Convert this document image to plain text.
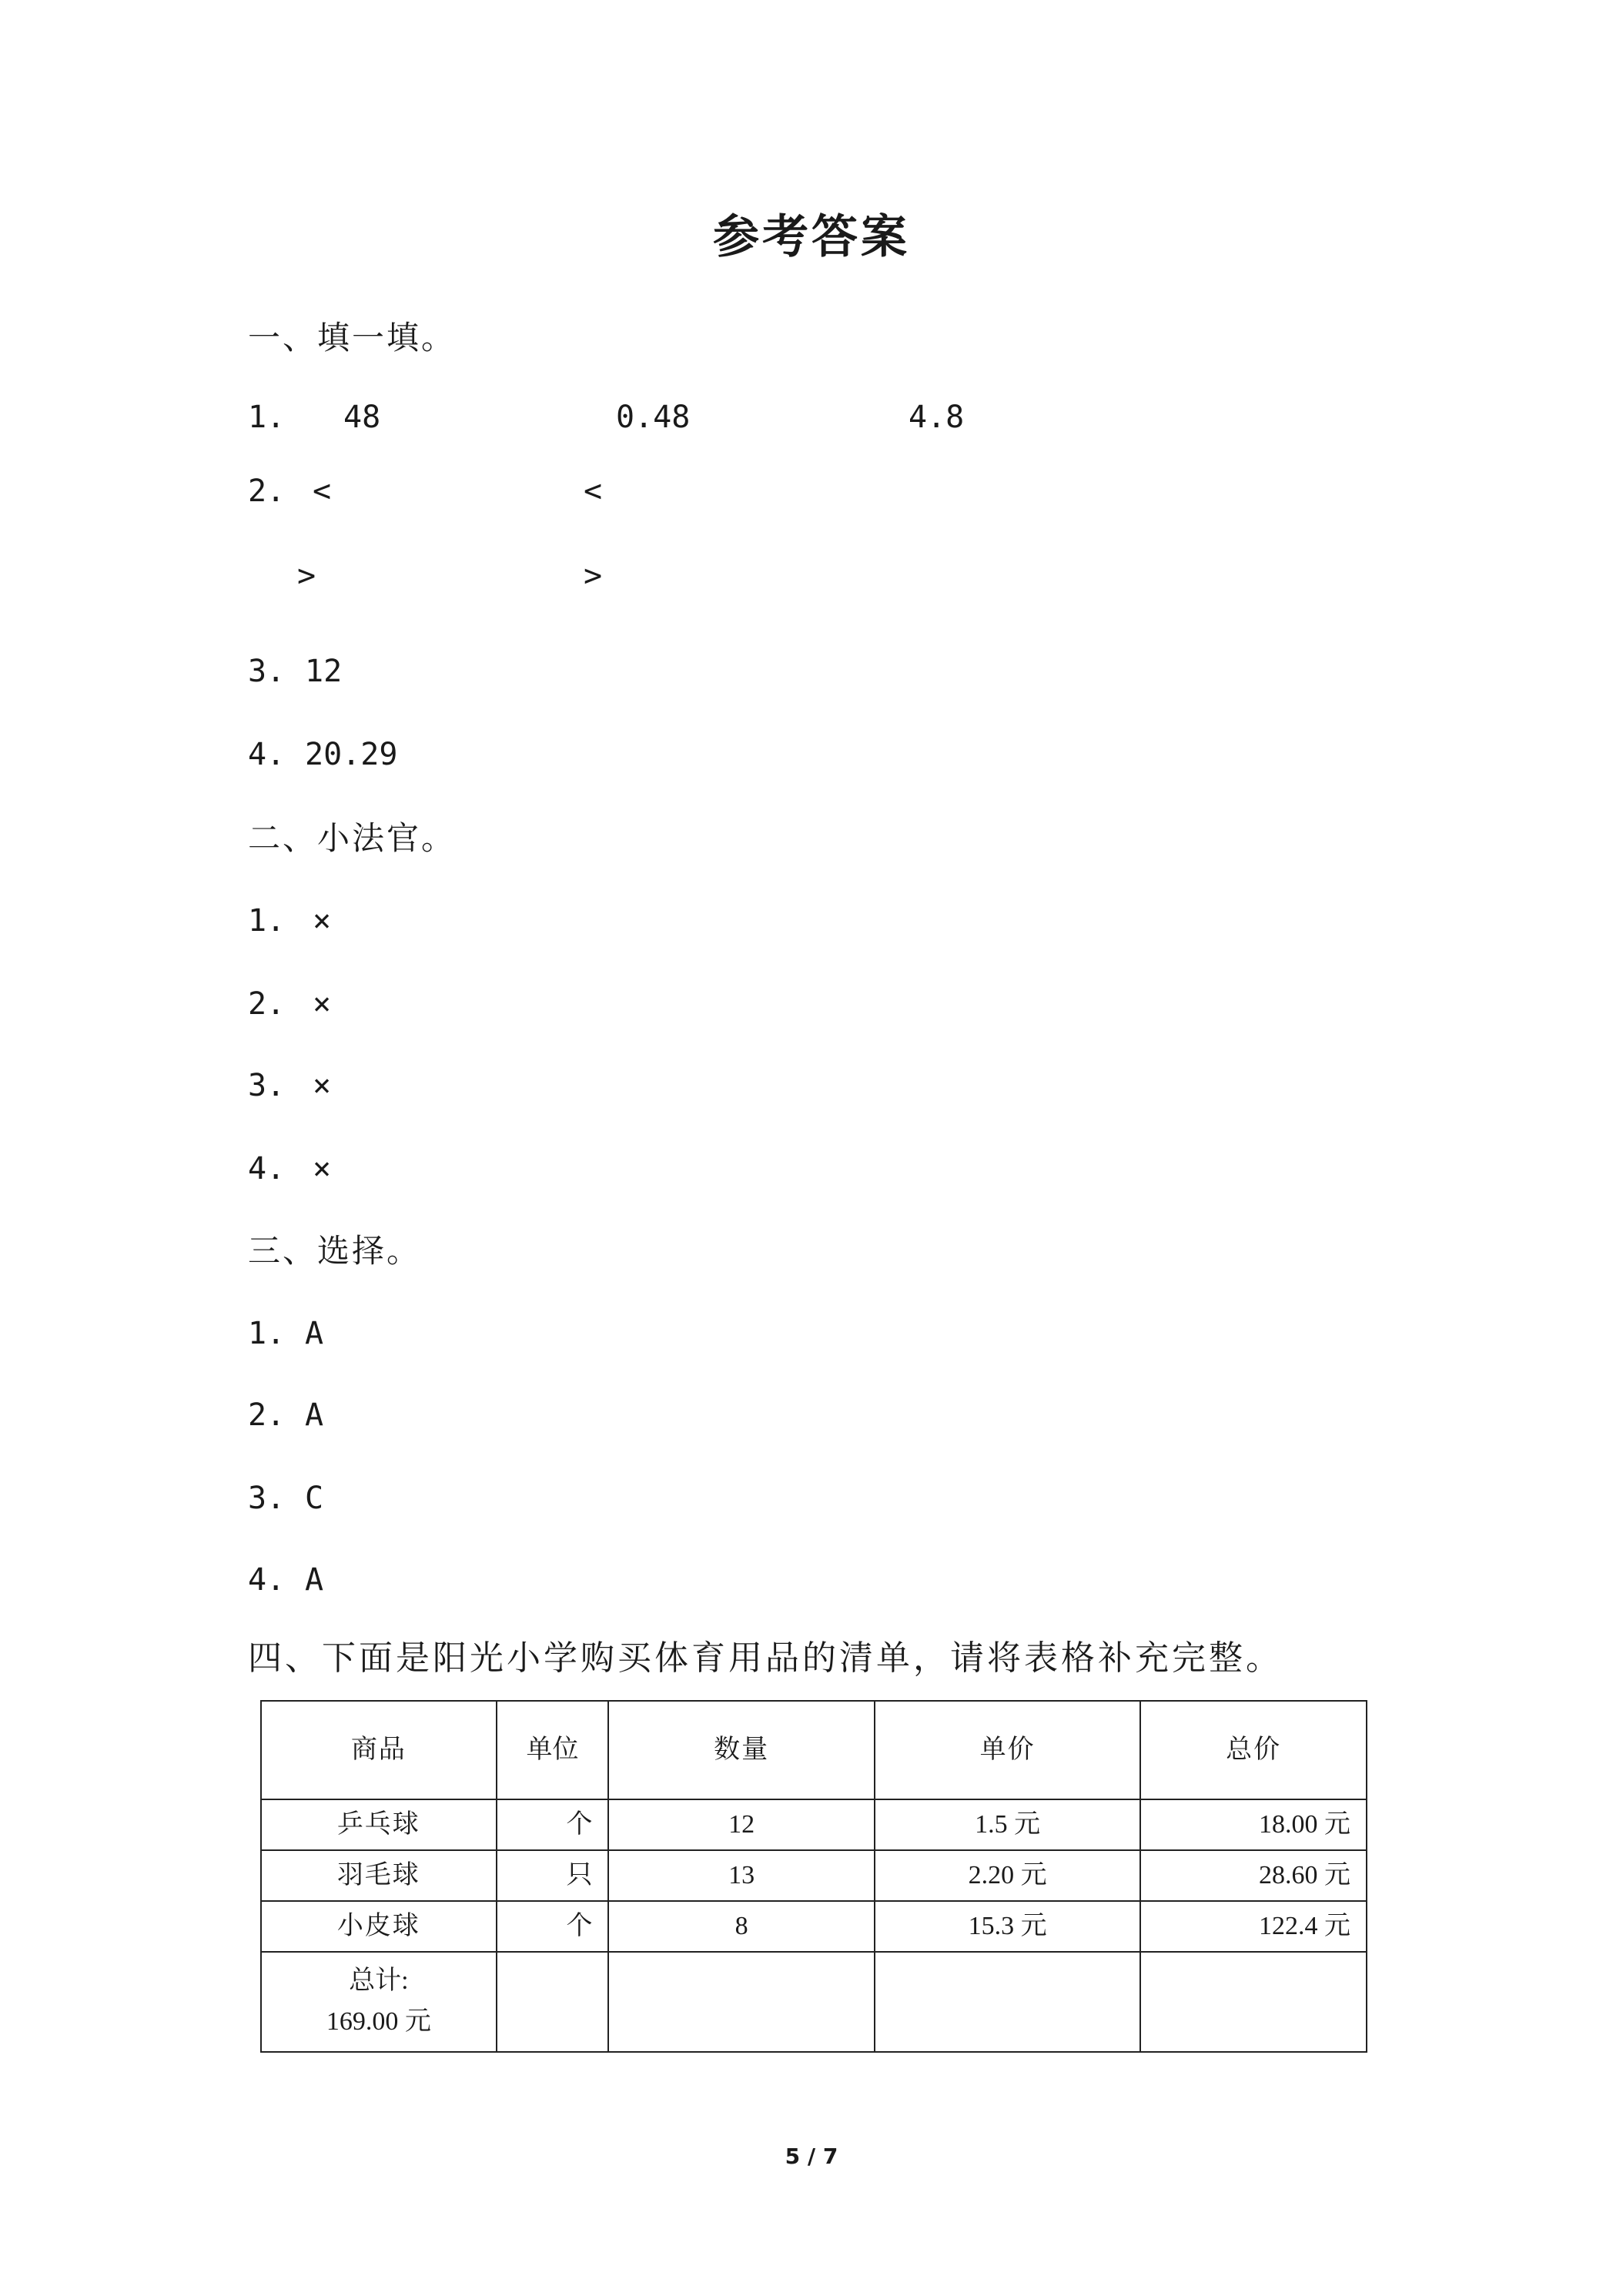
参考答案
一、填一填。
1. 48	0.48	4.8
2. <	<
>	>
3. 12
4. 20.29
二、小法官。
1. ×
2. ×
3. ×
4. ×
三、选择。
1. A
2. A
3. C
4. A
四、下面是阳光小学购买体育用品的清单，请将表格补充完整。
商品	单位	数量	单价	总价
乒乓球	个	12	1.5 元	18.00 元
羽毛球	只	13	2.20 元	28.60 元
小皮球	个	8	15.3 元	122.4 元

总计:
169.00 元				

5 / 7
